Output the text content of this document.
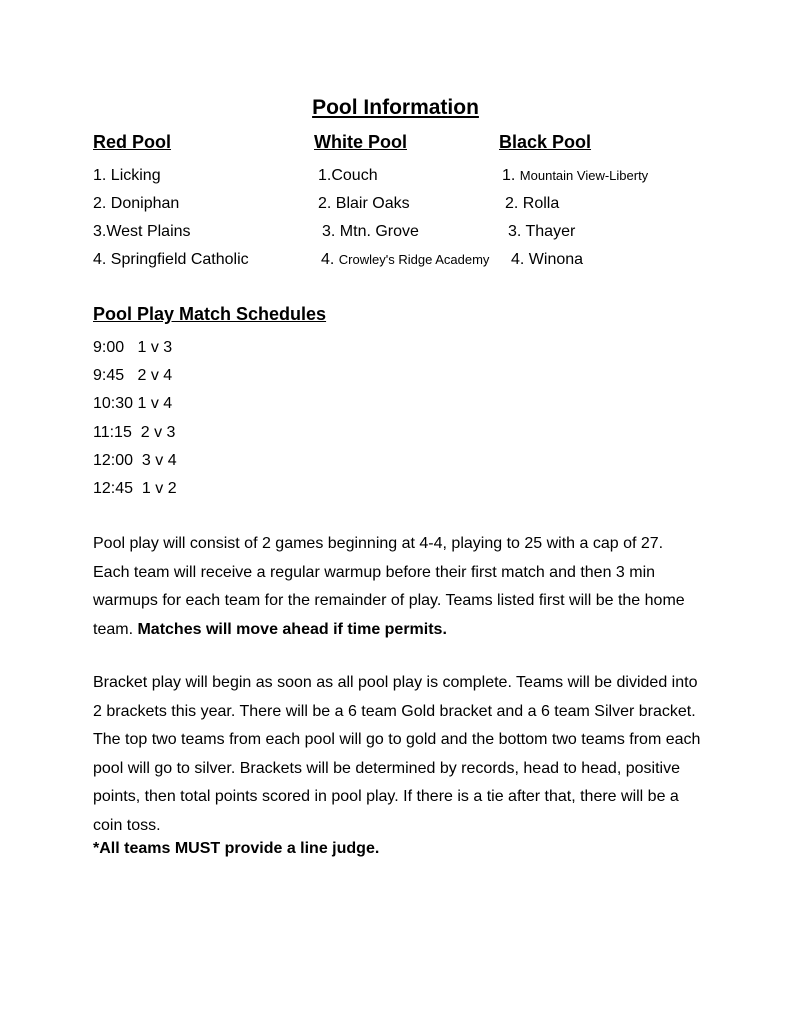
Pool Information
Red Pool
1. Licking
2. Doniphan
3.West Plains
4. Springfield Catholic
White Pool
1.Couch
2. Blair Oaks
3. Mtn. Grove
4. Crowley's Ridge Academy
Black Pool
1. Mountain View-Liberty
2. Rolla
3. Thayer
4. Winona
Pool Play Match Schedules
9:00   1 v 3
9:45   2 v 4
10:30 1 v 4
11:15  2 v 3
12:00  3 v 4
12:45  1 v 2

Pool play will consist of 2 games beginning at 4-4, playing to 25 with a cap of 27. Each team will receive a regular warmup before their first match and then 3 min warmups for each team for the remainder of play. Teams listed first will be the home team. Matches will move ahead if time permits.

Bracket play will begin as soon as all pool play is complete. Teams will be divided into 2 brackets this year. There will be a 6 team Gold bracket and a 6 team Silver bracket. The top two teams from each pool will go to gold and the bottom two teams from each pool will go to silver. Brackets will be determined by records, head to head, positive points, then total points scored in pool play. If there is a tie after that, there will be a coin toss.

*All teams MUST provide a line judge.
